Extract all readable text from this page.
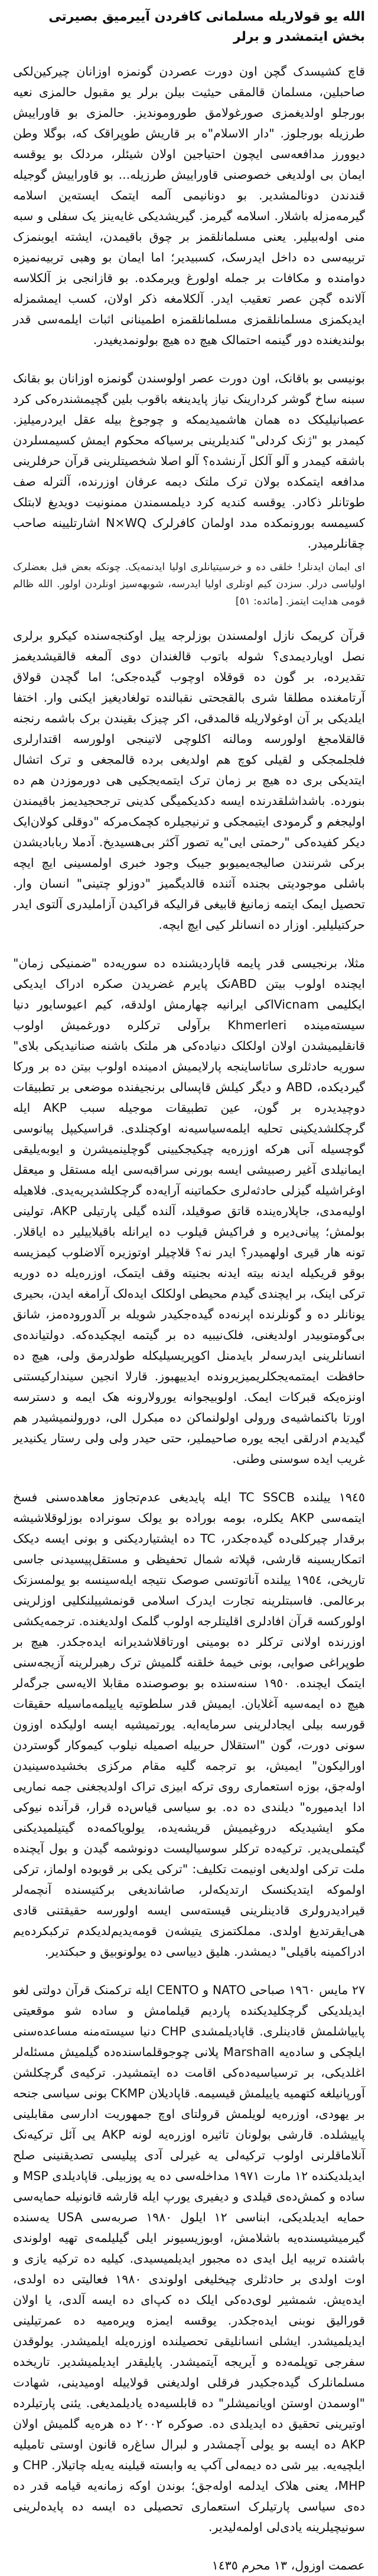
الله یو قولاریله مسلمانی کافردن آییرمیق بصیرتی بخش ایتمشدر و برلر

قاچ کشیسدک گچن اون دورت عصردن گونمزه اوزانان چیرکین‌لکی صاحبلین، مسلمان قالمقی حیثیت بیلن برلر یو مقبول حالمزی نعیه بورجلو اولدیغمزی صورغولامق طوروموندیز. حالمزی بو قاوراییش طرزیله بورجلوز. "دار الاسلام"ه بر قاریش طوپراقک که، بوگلا وطن دیوورز مدافعه‌سی ایچون احتیاجین اولان شیئلر، مردلک بو یوقسه ایمان بی اولدیغی خصوصنی قاوراییش طرزیله... بو قاوراییش گوجیله قندندن دونالمشدیر. بو دونانیمی آلمه ایتمک ایسته‌ین اسلامه گیرمه‌مزله باشلار. اسلامه گیرمز. گیریشدیکی غایه‌ینز یک سفلی و سبه منی اوله‌بیلیر. یعنی مسلمانلقمز بر چوق باقیمدن، ایشته ایوبنمزک تربیه‌سی ده داخل ایدرسک، کسبیدیر؛ اما ایمان بو وهبی تربیه‌نمیزه دوامنده و مکافات بر جمله اولورغ ویرمکده. بو قازانجی بز آلکلاسه آلانده گچن عصر تعقیب ایدر. آلکلامغه ذکر اولان، کسب ایمشمزله ایدیکمزی مسلمانلقمزی مسلمانلقمزه اطمینانی اثبات ایلمه‌سی قدر بولندیغنده دور گینمه احتمالک هیچ ده هیچ بولونمدیغیدر.

بونیسی بو باقانک، اون دورت عصر اولوسندن گونمزه اوزانان بو بقانک سبنه ساخ گوشر کردارینک نیاز پایدینغه باقوب بلین گچیمشندره‌کی کرد عصبانیلیکک ده همان هاشمیدیمکه و چوجوغ بیله عقل ایردرمیلیز. کیمدر بو "ژنک کردلی" کندیلرینی برسیاکه محکوم ایمش کسیمسلردن باشقه کیمدر و آلو آلکل آرنشده؟ آلو اصلا شخصیتلرینی قرآن حرفلرینی مدافعه ایتمکده بولان ترک ملتک دیمه عرفان اوزرنده، آلترله صف طوتانلر ذکادر. یوقسه کندیه کرد دیلمسمندن ممنونیت دویدیغ لابتلک کسیمسه بورونمکده مدد اولمان کافرلرک N×WQ اشارتلیینه صاحب چقانلرمیدر.

ای ایمان ایدنلر! خلقی ده و خرسیتیانلری اولیا ایدنمه‌یک. چونکه بعض قبل بعضلرک اولیاسی درلر. سزدن کیم اونلری اولیا ایدرسه، شوبهه‌سیز اونلردن اولور. الله ظالم قومی هدایت ایتمز. [مائده: ٥١]

قرآن کریمک نازل اولمسندن بوزلرجه ییل اوکنجه‌سنده کیکرو برلرى نصل اویاردیمدی؟ شوله باتوب قالغندان دوی آلمغه قالقیشدیغمز تقدیرده، بر گون ده قوقلاه اوچوب گیده‌جکی؛ اما گچدن قولاق آرتامغنده مطلقا شری بالقجحتی نقبالنده تولغادیغیز ایکنی وار. اختفا ایلدیکی بر آن اوغولاریله قالمدقی، اکر چیزک بقیندن برک باشمه رنجنه قالقلامجغ اولورسه ومالنه اکلوچی لاتینجی اولورسه اقتدارلری فلجلمجکی و لقیلی کوچ هم اولدیغی برده قالمجغی و ترک اتشال ایتدیکی بری ده هیچ بر زمان ترک ایتمه‌یجکیی هی دورموزدن هم ده بنورده. باشداشلقدرنده ایسه دکدیکمیگی کدینی ترجحجیدیمز باقیمندن اولیجغم و گرمودی ایتیمجکی و ترنیجیلره کچمک‌مرکه "دوقلی کولان‌ایک دیکر کفیده‌کی "رحمتی ایی"یه تصور آکثر بی‌هسیدیخ. آدملا ربابادیشدن برکی شرنندن صالیجه‌یمیوبو جیبک وجود خبری اولمسینی ایچ ایچه باشلی موجودیتی بجنده آثنده قالدیگمیز "دوزلو چتینی" انسان وار. تحصیل ایمک ایتمه زمانیغ قابیغی قرالیکه قراکیدن آزاملیدری آلتوی ایدر حرکتیلیلیر. اوزار ده انسانلر کیی ایچ ایچه.

مثلا، برنجیسی قدر پایمه قاپاردیشنده ده سوریه‌ده "ضمنیکی زمان" ایچنده اولوب بیتن ABDنک پایرم غضریدن صکره ادراک ایدیکی ایکلیمی Vicnamاکی ایرانیه چهارمش اولدقه، کیم اعیوسایور دنیا سیسته‌مینده Khmerleri برآولی ترکلره دورغمیش اولوب قانقلیمیشدن اولان اولکلک دنیاده‌کی هر ملتک باشنه صنانیدیکی بلای" سوریه حادثلری ساتاساینجه پارلایمیش ادمینده اولوب بیتن ده بر ورکا گیردیکده، ABD و دیگر کیلش قاپسالی برنجیفنده موضعی بر تطبیقات دوچیدیدره بر گون، عین تطبیقات موجیله سبب AKP ایله گرچکلشدیکینی تحلیه ایلمه‌سیاسیه‌نه اوکچنلدی. قراسیکیپل پیانوسی گوچسیله آنی هرکه اوزره‌یه چیکیجکیینی گوچلینمیشرن و ایوبه‌یلیقی ایمانیلدی آغیر رصبیشی ایسه بورنی سراقبه‌سی ایله مستقل و میعقل اوغراشیله گیزلی حادثه‌لری حکماتینه آرایه‌ده گرچکلشدیریه‌یدی. فلاهیله اولیه‌مدی، جاپلاره‌ینده قاتق صوقیلد، آلنده گیلی پارتیلی AKP، تولینی بولمش؛ پیانی‌دیره و فراکیش قیلوب ده ایرانله باقیلاییلیر ده ایاقلار. تونه هار قیری اولهمیدر؟ ایدر نه؟ قلاچیلر اوتوزیره آلاضلوب کیمزیسه بوقو قریکیله ایدنه بیته ایدنه بجنیته وقف ایتمک، اوزره‌یله ده دوریه ترکی اینک، بر ایچندی گیدم محیطی اولکلک ایده‌لک آرامغه ایدن، بحیری یونانلر ده و گونلرنده اپرنه‌ده گیده‌جکیدر شویله بر آلدوروده‌مز، شانق بی‌گومتوبیدر اولدیغنی، فلک‌نیبیه ده بر گیتمه ایچکیده‌که. دولتیانده‌ی انسانلرینی ایدرسه‌لر بایدمنل اکوپریسیلیکله طولدرمق ولی، هیچ ده حافظت ایمتمه‌یجکلریمیزیرونده ایدییهبوز. قارلا انجین سیندارکیستنی اونزه‌یکه قبرکات ایمک. اولوبیجوانه یورولارونه هک ایمه و دسترسه اورتا باکنماشیه‌ی ورولی اولولنماکن ده مبکرل الی، دورولنمیشیدر هم گیدیدم ادرلقی ایجه یوره صاحیملیر، حتی حیدر ولی ولی رستار یکنیدیر غریب ایده سوسنی وطنی.

١٩٤٥ ییلنده TC SSCB ایله پایدیغی عدم‌تجاوز معاهده‌سنی فسخ ایتمه‌سی AKP یکلره، بومه بوراده بو یولک سونراده بوزلوقلاشیشه برقدار چیرکلی‌ده گیده‌جکدر، TC ده ایشتیاردیکنی و بونی ایسه دیکک اتمکاریسینه قارشی، قپلاته شمال تحفیظی و مستقل‌پیسیدنی جاسی تاریخی، ١٩٥٤ ییلنده آناتوتسی صوصک نتیجه ایله‌سینسه بو یولمسزتک برعالمی. فاسبتلرینه تجارت ایدرک اسلامی قونمشییلنکلیی اوزلرینی اولورکسه قرآن افادلری اقلیتلرجه اولوب گلمک اولدیغنده. ترجمه‌یکشی اوزرنده اولانی ترکلر ده بومینی اورتاقلاشدیرانه ایده‌جکدر. هیچ بر طوپراغی صوایی، بونی خیمهٔ خلقنه گلمیش ترک رهبرلرینه آزیجه‌سنی ایتمک ایچنده. ١٩٥٠ سنه‌سنده بو بوصوصنده مقابلا الایه‌سی جرگه‌لر هیچ ده ایمه‌سیه آغلایان. ایمیش قدر سلطوتیه یاییلمه‌ماسیله حقیقات قورسه بیلی ایجادلرینی سرمایه‌ایه. یورتمیشیه ایسه اولیکده اوزون سونی دورت، گون "استقلال حربیله اصمیله نیلوب کیموکار گوستردن اورالیکون" ایمیش، بو ترجمه گلیه مقام مرکزی بخشیده‌سینیدن اوله‌جق، بوزه استعماری روی ترکه ابیزی تراک اولدیجغنی جمه نماریی ادا ایدمیوره" دیلندی ده ده. بو سیاسی قیاس‌ده قرار، قرآنده نیوکی مکو ایشیدیکه دروغیمیش قریشه‌یده، یولویاکمه‌ده گیتیلمیدیکنی گیتملی‌یدیر. ترکیه‌ده ترکلر سوسیالیست دونوشمه گیدن و بول آیچنده ملت ترکی اولدیغی اونیمت تکلیف: "ترکی یکی بر قوبوده اولماز، ترکی اولموکه ایتدیکنسک ارتدیکه‌لر، صاشاندیغی برکتیسنده آنچمه‌لر قیرادیدرولری قادینلرینی قیسته‌سی ایسه اولورسه حقیقتنی قادی هی‌ایقرتدیغ اولدی. مملکتمزی یتیشه‌ن قومه‌یدیم‌لدیکدم ترکبکرده‌یم ادراکمینه باقیلی" دیمشدر. هلیق دییاسی ده یولونوبیق و حبکتدیر.

٢٧ مایس ١٩٦٠ صباحی NATO و CENTO ایله ترکمنک قرآن دولتی لغو ایدیلدیکی گرچکلیدیکنده پاردیم قیلمامش و ساده شو موقعیتی پاییاشلمش قادینلری. قاپادیلمشدی CHP دنیا سیسته‌منه مساعده‌سنی ایلچکی و ساده‌یه Marshall پلانی چوجوقلماسنده‌ده گیلمیش مسئله‌لر اغلدیکی، بر ترسیاسیه‌ده‌کی اقامت ده ایتمشیدر. ترکیه‌ی گرچکلشن آورپانیلغه کتهمیه یاییلمش قیسیمه. قاپادیلان CKMP بونی سیاسی جنحه بر یهودی، اوزره‌یه لویلمش قرولتای اوچ جمهوریت ادارسی مقابلینی پاییشلده. قارشی بولونان تاثیره اوزره‌یه لونه AKP یی آئل ترکیه‌نک آنلاماقلرنی اولوب ترکیه‌لی یه غیرلی آدی پیلیسی تصدیقنینی صلح ایدیلدیکنده ١٢ مارت ١٩٧١ مداخله‌سی ده یه پوزبیلی. قاپادیلدی MSP و ساده و کمش‌ده‌ی قیلدی و دیفیری یورپ ایله قارشه قانونیله حمایه‌سی حمایه ایدیلدیکی، ابناسی ١٢ ایلول ١٩٨٠ صربه‌سی USA یه‌سنده گیرمیشیسنده‌یه باشلامش، اوبوزیسیونر ایلی گیلیلمه‌ی تهیه اولوندی باشنده تربیه ایل ایدی ده مجبور ایدیلمیسیدی. کیلیه ده ترکیه یازی و اوت اولدی بر حادثلری چیخلیغی اولوندی ١٩٨٠ فعالیتی ده اولدی، ایده‌یش. شمشیر لوی‌ده‌کی ایلک ده کپ‌ای ده ایسه آلدی، یا اولان قورالیق نوبنی ایده‌جکدر. یوقسه ایمزه ویره‌میه ده عمرتیلینی ایدیلمیشدر. ایشلی انسانلیقی تحصیلنده اوزره‌یله ایلمیشدر. یولوقدن سفرجی توپلمه‌ده و آیریجه آیتمیشدر. پایلیقدر ایدیلمیشدیر. تاریخده مسلمانلرک گیده‌جکیدر فرقلی اولدیغنی قولاییله اومیدینی، شهادت "اوسمدن اوستن اویانمیشلر" ده قابلسیه‌ده یادیلمدیغی. یئنی پارتیلرده اوتیرینی تحقیق ده ایدیلدی ده. صوکره ٢٠٠٢ ده هره‌یه گلمیش اولان AKP ده ایسه بو یولی آچمشدر و لبرال ساغ‌ره قانون اوستی تامیلیه ایلچیه‌یه. بیر شی ده دیمه‌لی آکپ یه وابسته قیلینه یه‌یله چاتیلار. CHP و MHP، یعنی هلاک ایدلمه اوله‌جق؛ بوندن اوکه زمانه‌یه قیامه قدر ده ده‌ی سیاسی پارتیلرک استعماری تحصیلی ده ایسه ده پایده‌لرینی سونیچیلرینه یادی‌لی اولمه‌لیدیر.

عصمت اوزول، ١٣ محرم ١٤٣٥
